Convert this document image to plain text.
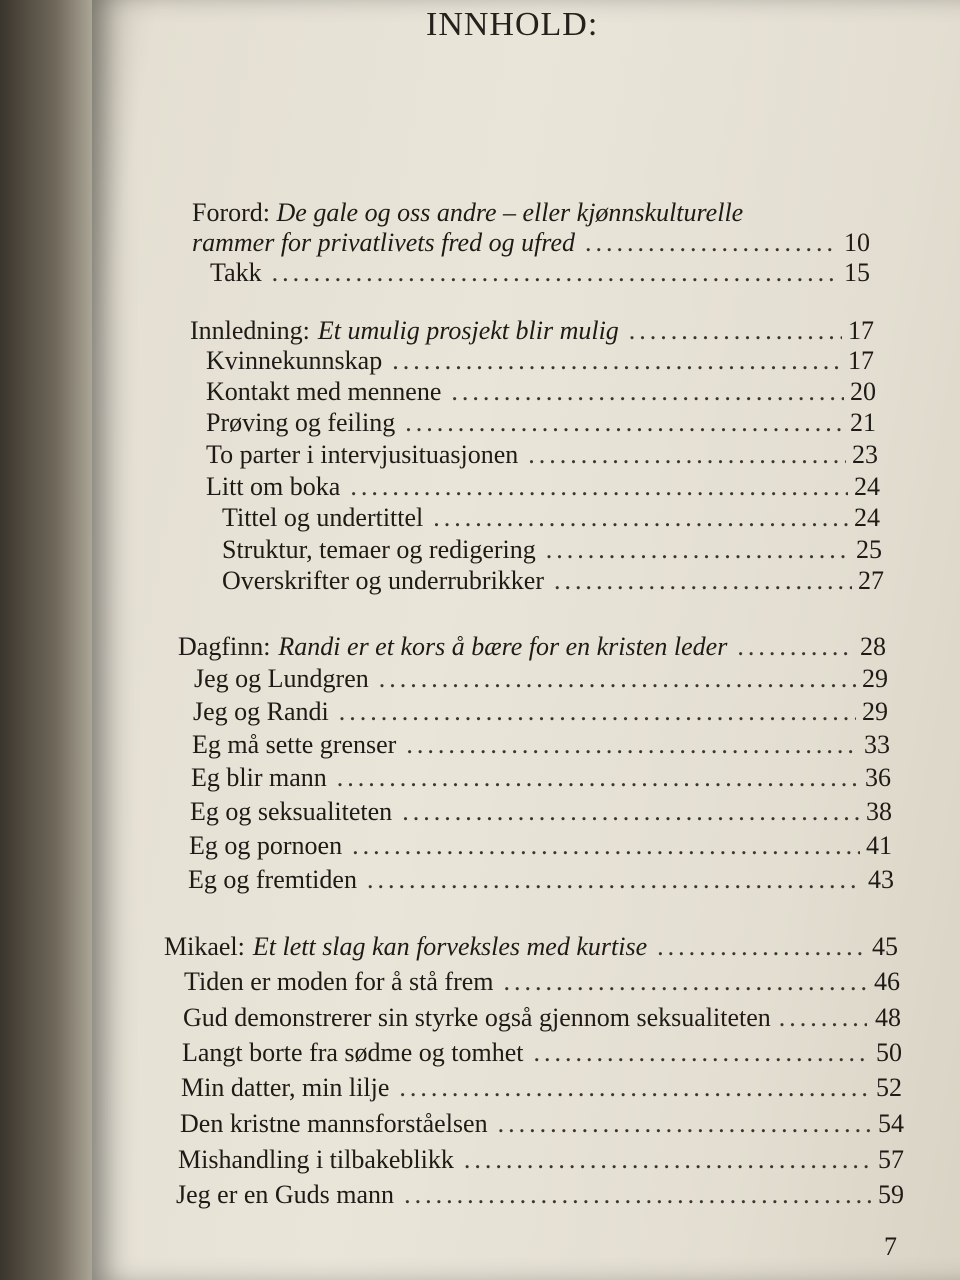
INNHOLD:
Forord: De gale og oss andre – eller kjønnskulturelle
rammer for privatlivets fred og ufred .....	10
Takk .....	15
Innledning: Et umulig prosjekt blir mulig .....	17
Kvinnekunnskap .....	17
Kontakt med mennene .....	20
Prøving og feiling .....	21
To parter i intervjusituasjonen .....	23
Litt om boka .....	24
Tittel og undertittel .....	24
Struktur, temaer og redigering .....	25
Overskrifter og underrubrikker .....	27
Dagfinn: Randi er et kors å bære for en kristen leder .....	28
Jeg og Lundgren .....	29
Jeg og Randi .....	29
Eg må sette grenser .....	33
Eg blir mann .....	36
Eg og seksualiteten .....	38
Eg og pornoen .....	41
Eg og fremtiden .....	43
Mikael: Et lett slag kan forveksles med kurtise .....	45
Tiden er moden for å stå frem .....	46
Gud demonstrerer sin styrke også gjennom seksualiteten .....	48
Langt borte fra sødme og tomhet .....	50
Min datter, min lilje .....	52
Den kristne mannsforståelsen .....	54
Mishandling i tilbakeblikk .....	57
Jeg er en Guds mann .....	59
7
